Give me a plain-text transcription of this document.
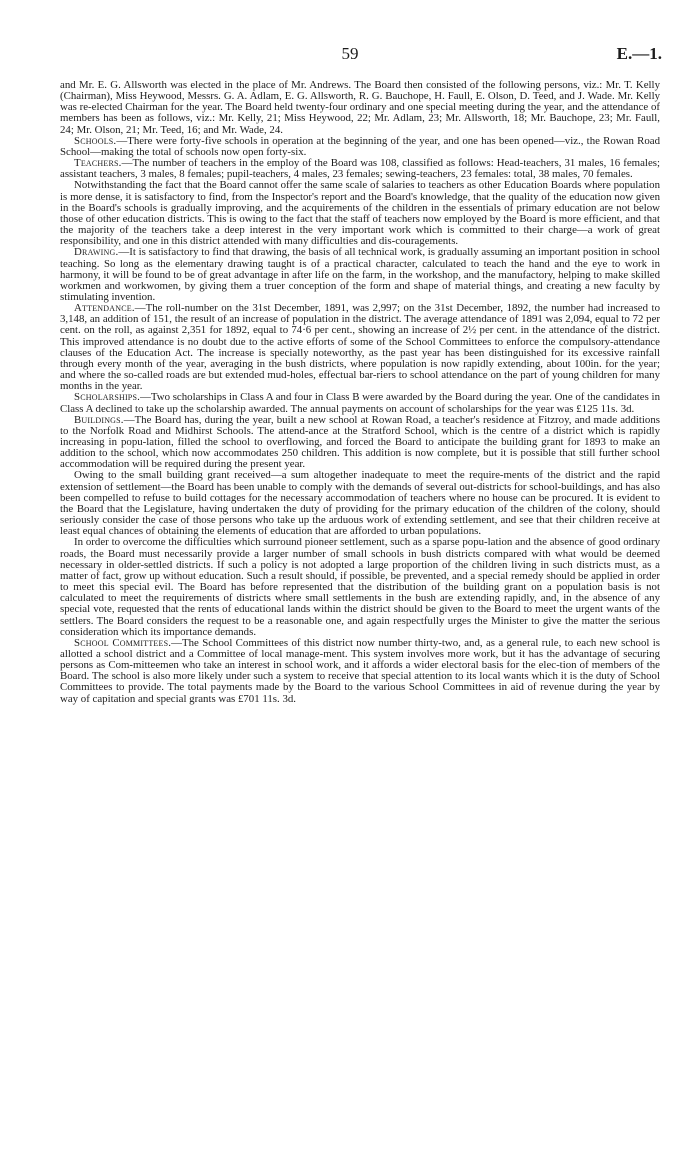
59	E.—1.

and Mr. E. G. Allsworth was elected in the place of Mr. Andrews. The Board then consisted of the following persons, viz.: Mr. T. Kelly (Chairman), Miss Heywood, Messrs. G. A. Adlam, E. G. Allsworth, R. G. Bauchope, H. Faull, E. Olson, D. Teed, and J. Wade. Mr. Kelly was re-elected Chairman for the year. The Board held twenty-four ordinary and one special meeting during the year, and the attendance of members has been as follows, viz.: Mr. Kelly, 21; Miss Heywood, 22; Mr. Adlam, 23; Mr. Allsworth, 18; Mr. Bauchope, 23; Mr. Faull, 24; Mr. Olson, 21; Mr. Teed, 16; and Mr. Wade, 24.

Schools.—There were forty-five schools in operation at the beginning of the year, and one has been opened—viz., the Rowan Road School—making the total of schools now open forty-six.

Teachers.—The number of teachers in the employ of the Board was 108, classified as follows: Head-teachers, 31 males, 16 females; assistant teachers, 3 males, 8 females; pupil-teachers, 4 males, 23 females; sewing-teachers, 23 females: total, 38 males, 70 females.

Notwithstanding the fact that the Board cannot offer the same scale of salaries to teachers as other Education Boards where population is more dense, it is satisfactory to find, from the Inspector's report and the Board's knowledge, that the quality of the education now given in the Board's schools is gradually improving, and the acquirements of the children in the essentials of primary education are not below those of other education districts. This is owing to the fact that the staff of teachers now employed by the Board is more efficient, and that the majority of the teachers take a deep interest in the very important work which is committed to their charge—a work of great responsibility, and one in this district attended with many difficulties and dis-couragements.

Drawing.—It is satisfactory to find that drawing, the basis of all technical work, is gradually assuming an important position in school teaching. So long as the elementary drawing taught is of a practical character, calculated to teach the hand and the eye to work in harmony, it will be found to be of great advantage in after life on the farm, in the workshop, and the manufactory, helping to make skilled workmen and workwomen, by giving them a truer conception of the form and shape of material things, and creating a new faculty by stimulating invention.

Attendance.—The roll-number on the 31st December, 1891, was 2,997; on the 31st December, 1892, the number had increased to 3,148, an addition of 151, the result of an increase of population in the district. The average attendance of 1891 was 2,094, equal to 72 per cent. on the roll, as against 2,351 for 1892, equal to 74·6 per cent., showing an increase of 2½ per cent. in the attendance of the district. This improved attendance is no doubt due to the active efforts of some of the School Committees to enforce the compulsory-attendance clauses of the Education Act. The increase is specially noteworthy, as the past year has been distinguished for its excessive rainfall through every month of the year, averaging in the bush districts, where population is now rapidly extending, about 100in. for the year; and where the so-called roads are but extended mud-holes, effectual bar-riers to school attendance on the part of young children for many months in the year.

Scholarships.—Two scholarships in Class A and four in Class B were awarded by the Board during the year. One of the candidates in Class A declined to take up the scholarship awarded. The annual payments on account of scholarships for the year was £125 11s. 3d.

Buildings.—The Board has, during the year, built a new school at Rowan Road, a teacher's residence at Fitzroy, and made additions to the Norfolk Road and Midhirst Schools. The attend-ance at the Stratford School, which is the centre of a district which is rapidly increasing in popu-lation, filled the school to overflowing, and forced the Board to anticipate the building grant for 1893 to make an addition to the school, which now accommodates 250 children. This addition is now complete, but it is possible that still further school accommodation will be required during the present year.

Owing to the small building grant received—a sum altogether inadequate to meet the require-ments of the district and the rapid extension of settlement—the Board has been unable to comply with the demands of several out-districts for school-buildings, and has also been compelled to refuse to build cottages for the necessary accommodation of teachers where no house can be procured. It is evident to the Board that the Legislature, having undertaken the duty of providing for the primary education of the children of the colony, should seriously consider the case of those persons who take up the arduous work of extending settlement, and see that their children receive at least equal chances of obtaining the elements of education that are afforded to urban populations.

In order to overcome the difficulties which surround pioneer settlement, such as a sparse popu-lation and the absence of good ordinary roads, the Board must necessarily provide a larger number of small schools in bush districts compared with what would be deemed necessary in older-settled districts. If such a policy is not adopted a large proportion of the children living in such districts must, as a matter of fact, grow up without education. Such a result should, if possible, be prevented, and a special remedy should be applied in order to meet this special evil. The Board has before represented that the distribution of the building grant on a population basis is not calculated to meet the requirements of districts where small settlements in the bush are extending rapidly, and, in the absence of any special vote, requested that the rents of educational lands within the district should be given to the Board to meet the urgent wants of the settlers. The Board considers the request to be a reasonable one, and again respectfully urges the Minister to give the matter the serious consideration which its importance demands.

School Committees.—The School Committees of this district now number thirty-two, and, as a general rule, to each new school is allotted a school district and a Committee of local manage-ment. This system involves more work, but it has the advantage of securing persons as Com-mitteemen who take an interest in school work, and it affords a wider electoral basis for the elec-tion of members of the Board. The school is also more likely under such a system to receive that special attention to its local wants which it is the duty of School Committees to provide. The total payments made by the Board to the various School Committees in aid of revenue during the year by way of capitation and special grants was £701 11s. 3d.
